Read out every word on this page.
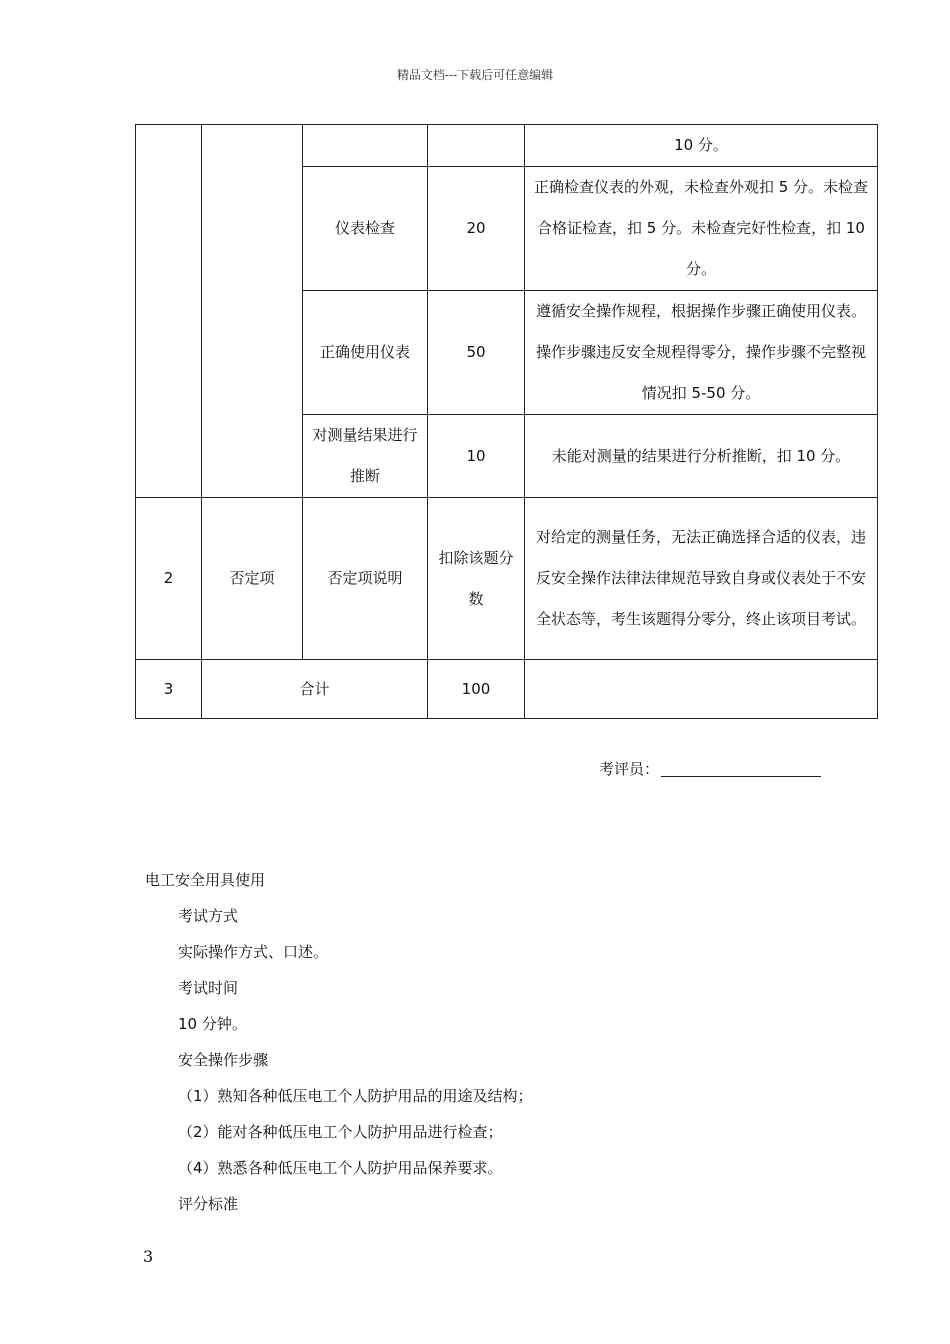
精品文档---下载后可任意编辑
				10 分。
		仪表检查	20	正确检查仪表的外观，未检查外观扣 5 分。未检查合格证检查，扣 5 分。未检查完好性检查，扣 10 分。
		正确使用仪表	50	遵循安全操作规程，根据操作步骤正确使用仪表。操作步骤违反安全规程得零分，操作步骤不完整视情况扣 5-50 分。
		对测量结果进行推断	10	未能对测量的结果进行分析推断，扣 10 分。
2	否定项	否定项说明	扣除该题分数	对给定的测量任务，无法正确选择合适的仪表，违反安全操作法律法律规范导致自身或仪表处于不安全状态等，考生该题得分零分，终止该项目考试。
3	合计		100	
考评员：
电工安全用具使用
考试方式
实际操作方式、口述。
考试时间
10 分钟。
安全操作步骤
（1）熟知各种低压电工个人防护用品的用途及结构；
（2）能对各种低压电工个人防护用品进行检查；
（4）熟悉各种低压电工个人防护用品保养要求。
评分标准
3
